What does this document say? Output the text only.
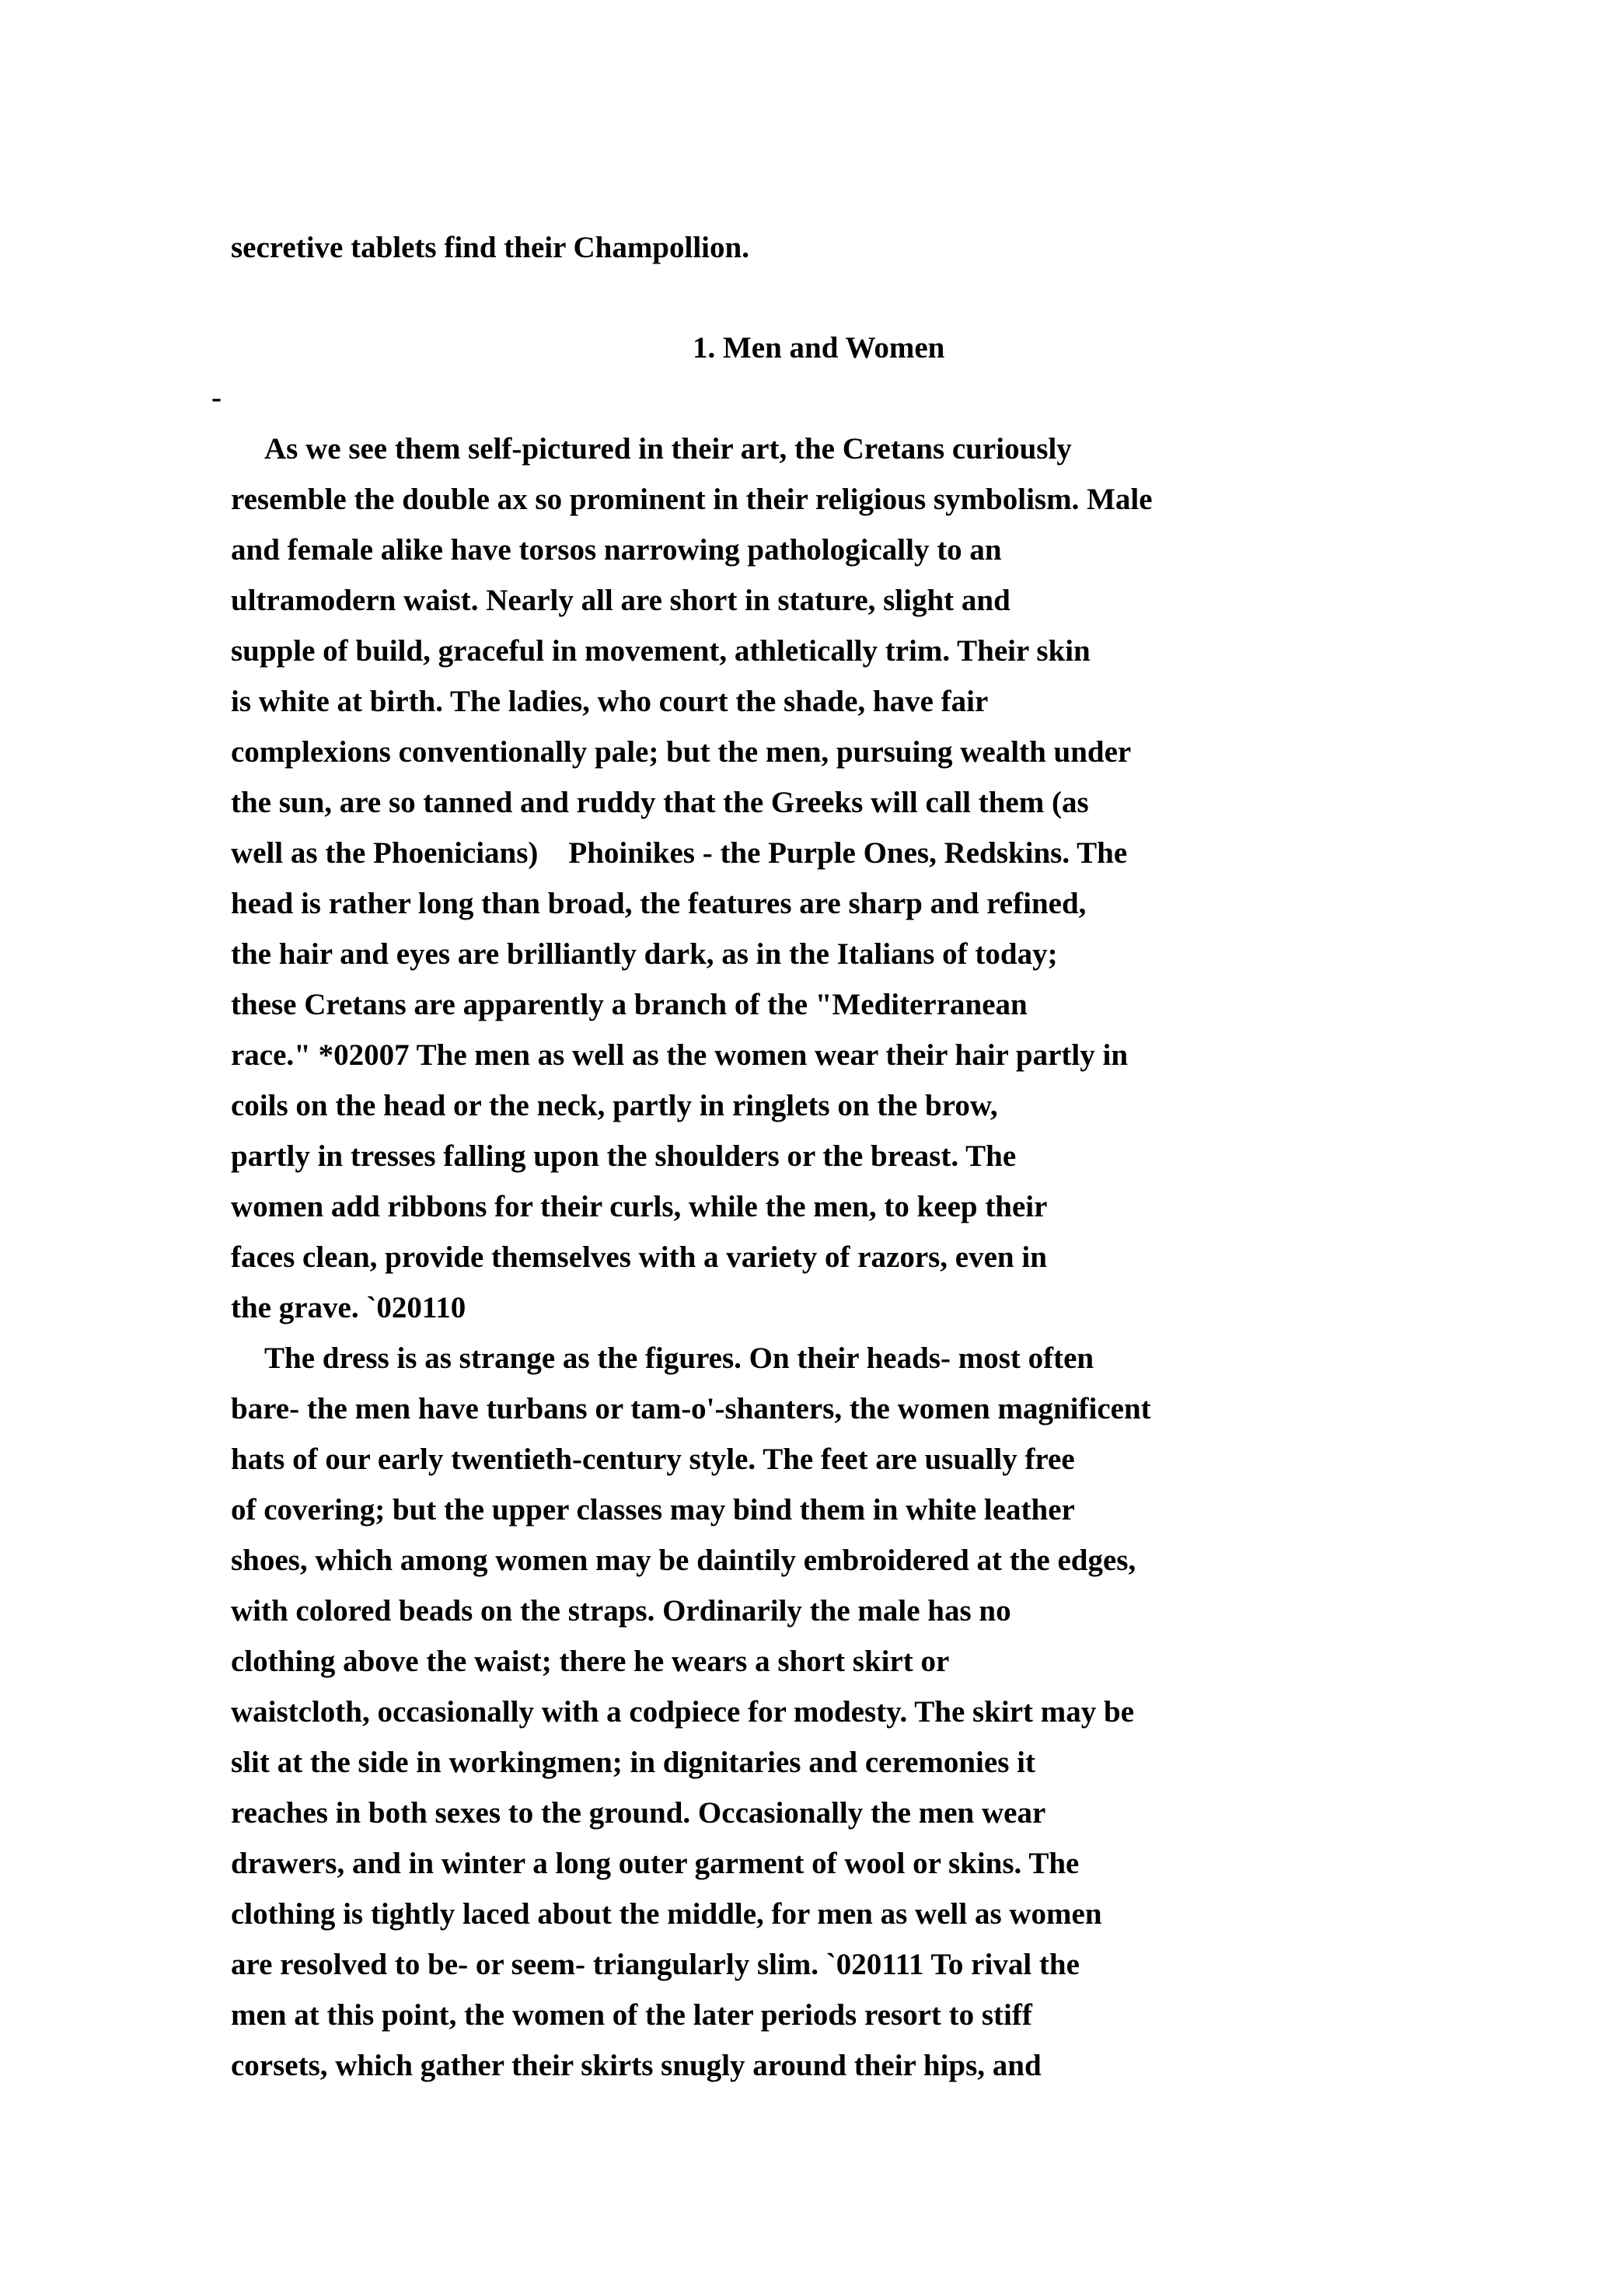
secretive tablets find their Champollion.

1. Men and Women

-

As we see them self-pictured in their art, the Cretans curiously

resemble the double ax so prominent in their religious symbolism. Male

and female alike have torsos narrowing pathologically to an

ultramodern waist. Nearly all are short in stature, slight and

supple of build, graceful in movement, athletically trim. Their skin

is white at birth. The ladies, who court the shade, have fair

complexions conventionally pale; but the men, pursuing wealth under

the sun, are so tanned and ruddy that the Greeks will call them (as

well as the Phoenicians)    Phoinikes - the Purple Ones, Redskins. The

head is rather long than broad, the features are sharp and refined,

the hair and eyes are brilliantly dark, as in the Italians of today;

these Cretans are apparently a branch of the "Mediterranean

race." *02007 The men as well as the women wear their hair partly in

coils on the head or the neck, partly in ringlets on the brow,

partly in tresses falling upon the shoulders or the breast. The

women add ribbons for their curls, while the men, to keep their

faces clean, provide themselves with a variety of razors, even in

the grave. `020110

The dress is as strange as the figures. On their heads- most often

bare- the men have turbans or tam-o'-shanters, the women magnificent

hats of our early twentieth-century style. The feet are usually free

of covering; but the upper classes may bind them in white leather

shoes, which among women may be daintily embroidered at the edges,

with colored beads on the straps. Ordinarily the male has no

clothing above the waist; there he wears a short skirt or

waistcloth, occasionally with a codpiece for modesty. The skirt may be

slit at the side in workingmen; in dignitaries and ceremonies it

reaches in both sexes to the ground. Occasionally the men wear

drawers, and in winter a long outer garment of wool or skins. The

clothing is tightly laced about the middle, for men as well as women

are resolved to be- or seem- triangularly slim. `020111 To rival the

men at this point, the women of the later periods resort to stiff

corsets, which gather their skirts snugly around their hips, and
